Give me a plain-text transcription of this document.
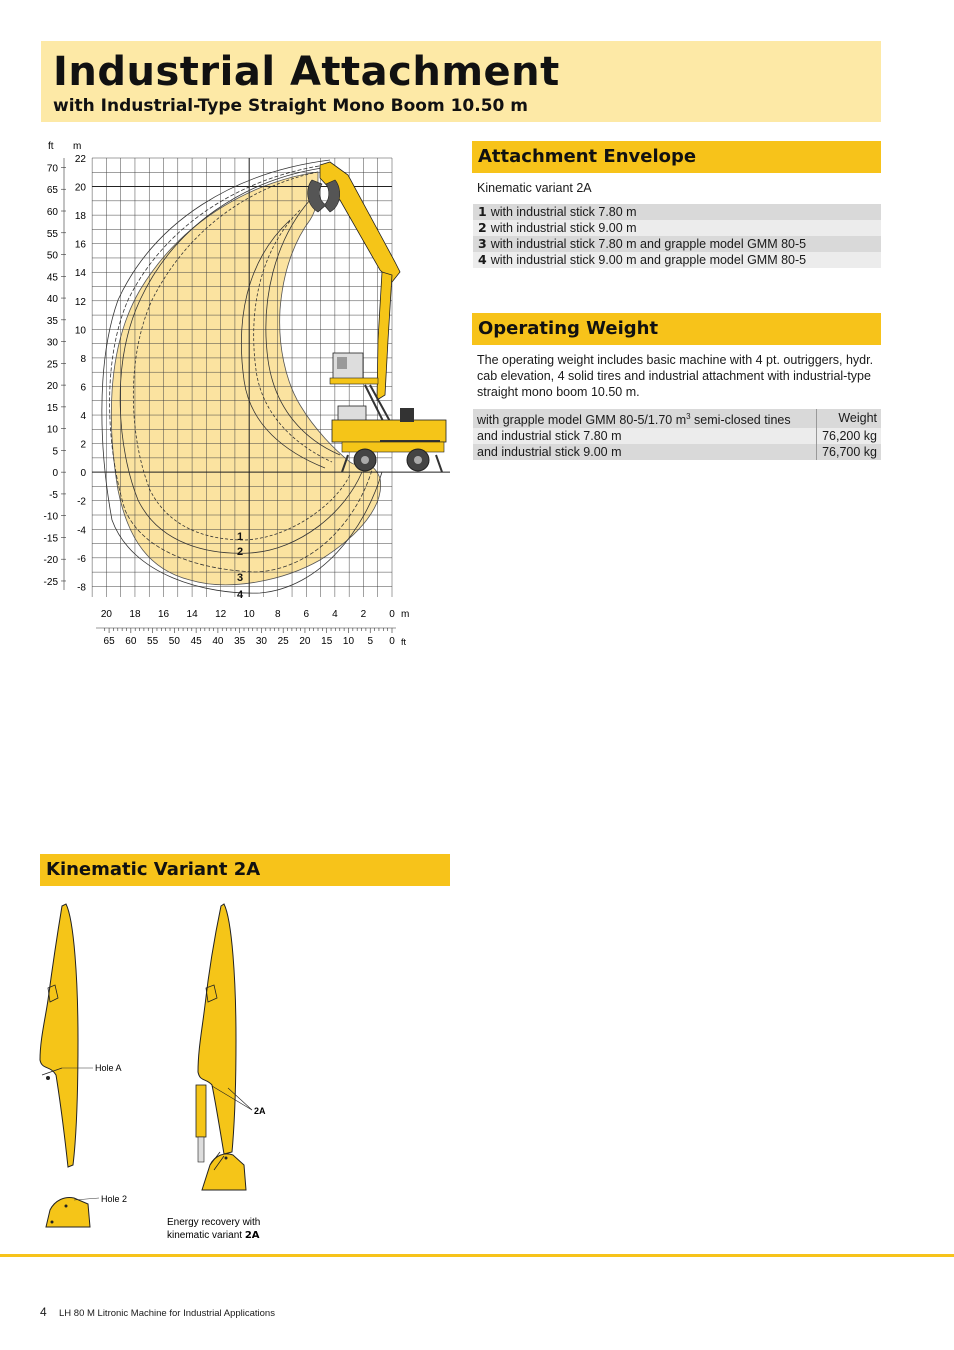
Industrial Attachment
with Industrial-Type Straight Mono Boom 10.50 m
ft m
1
2
3
4
70
65
60
55
50
45
40
35
30
25
20
15
10
5
0
-5
-10
-15
-20
-25
22
20
18
16
14
12
10
8
6
4
2
0
-2
-4
-6
-8
20 18 16 14 12 10 8 6 4 2 0
65 60 55 50 45 40 35 30 25 20 15 10 5 0
m
ft
Attachment Envelope
Kinematic variant 2A
1 with industrial stick 7.80 m
2 with industrial stick 9.00 m
3 with industrial stick 7.80 m and grapple model GMM 80-5
4 with industrial stick 9.00 m and grapple model GMM 80-5
Operating Weight
The operating weight includes basic machine with 4 pt. outriggers, hydr. cab elevation, 4 solid tires and industrial attachment with industrial-type straight mono boom 10.50 m.
with grapple model GMM 80-5/1.70 $m^3$ semi-closed tines	Weight
and industrial stick 7.80 m	76,200 kg
and industrial stick 9.00 m	76,700 kg
Kinematic Variant 2A
Hole A
Hole 2
2A
Energy recovery with
kinematic variant 2A
4 LH 80 M Litronic Machine for Industrial Applications
